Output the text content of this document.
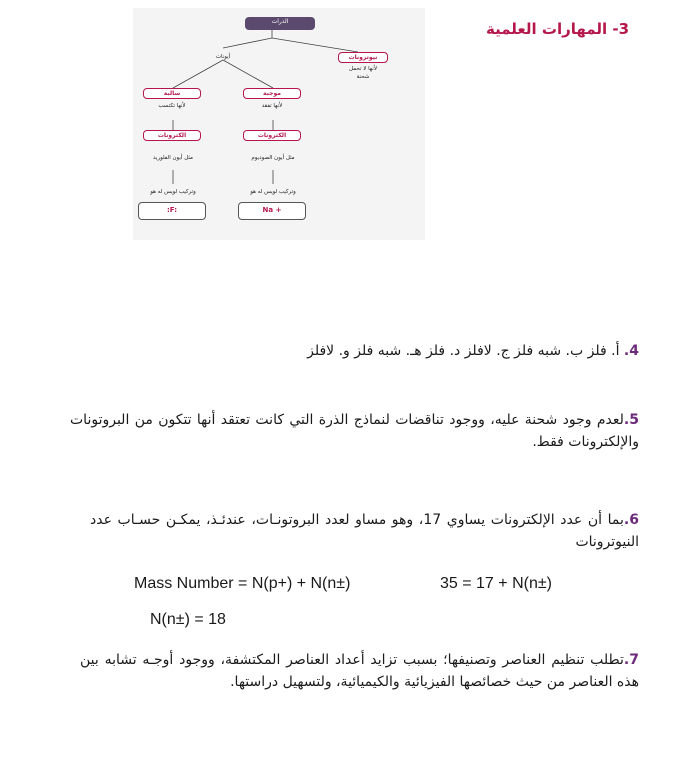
3- المهارات العلمية
الذرات
أيونات	نيوترونات
لأنها لا تحمل
شحنة
سالبة
لأنها تكتسب
الكترونات
مثل أيون الفلوريد
وتركيب لويس له هو
:F:
موجبة
لأنها تفقد
الكترونات
مثل أيون الصوديوم
وتركيب لويس له هو
Na +
4. أ. فلز ب. شبه فلز ج. لافلز د. فلز هـ. شبه فلز و. لافلز
5.لعدم وجود شحنة عليه، ووجود تناقضات لنماذج الذرة التي كانت تعتقد أنها تتكون من البروتونات والإلكترونات فقط.
6.بما أن عدد الإلكترونات يساوي 17، وهو مساو لعدد البروتونـات، عندئـذ، يمكـن حسـاب عدد النيوترونات
Mass Number = N(p+) + N(n±)	35 = 17 + N(n±)
N(n±) = 18
7.تطلب تنظيم العناصر وتصنيفها؛ بسبب تزايد أعداد العناصر المكتشفة، ووجود أوجـه تشابه بين هذه العناصر من حيث خصائصها الفيزيائية والكيميائية، ولتسهيل دراستها.
